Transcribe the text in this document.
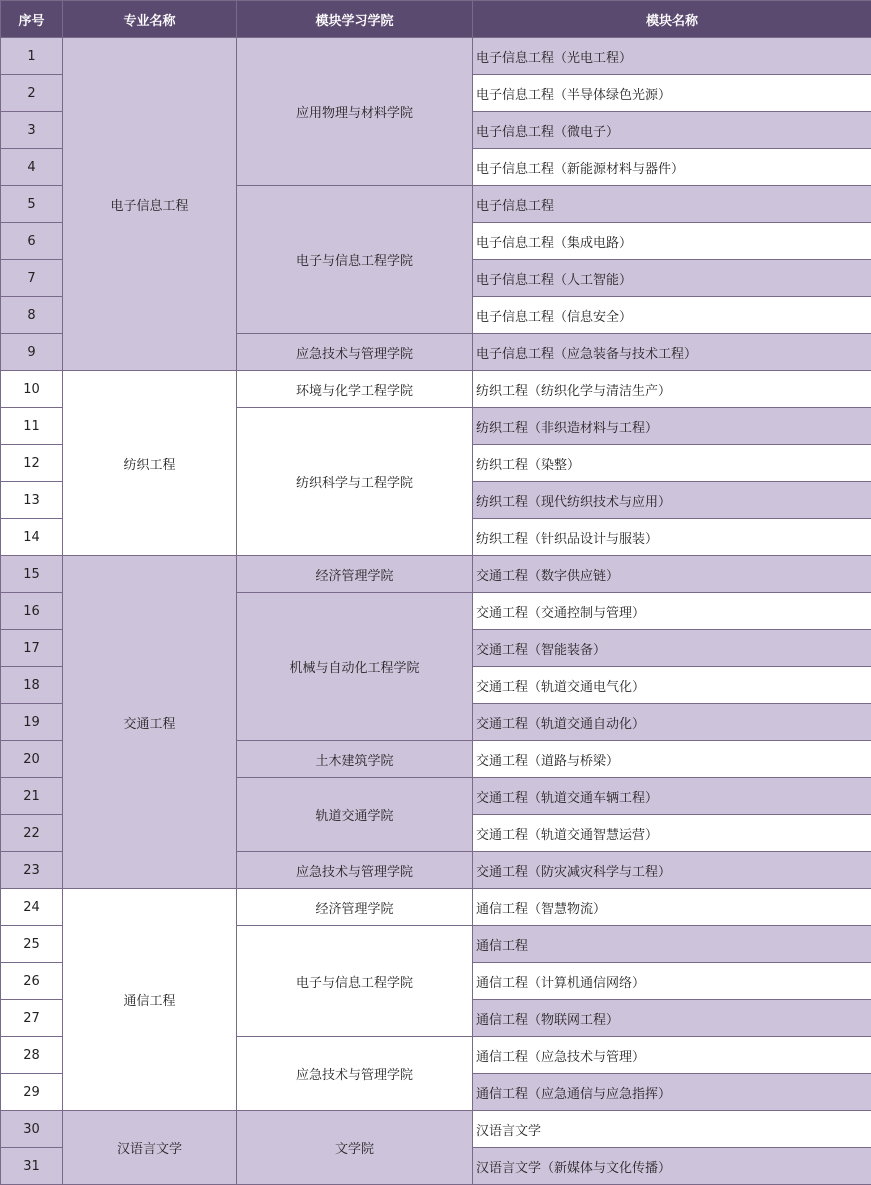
序号	专业名称	模块学习学院	模块名称
1	电子信息工程	应用物理与材料学院	电子信息工程（光电工程）
2			电子信息工程（半导体绿色光源）
3			电子信息工程（微电子）
4			电子信息工程（新能源材料与器件）
5		电子与信息工程学院	电子信息工程
6			电子信息工程（集成电路）
7			电子信息工程（人工智能）
8			电子信息工程（信息安全）
9		应急技术与管理学院	电子信息工程（应急装备与技术工程）
10	纺织工程	环境与化学工程学院	纺织工程（纺织化学与清洁生产）
11		纺织科学与工程学院	纺织工程（非织造材料与工程）
12			纺织工程（染整）
13			纺织工程（现代纺织技术与应用）
14			纺织工程（针织品设计与服装）
15	交通工程	经济管理学院	交通工程（数字供应链）
16		机械与自动化工程学院	交通工程（交通控制与管理）
17			交通工程（智能装备）
18			交通工程（轨道交通电气化）
19			交通工程（轨道交通自动化）
20		土木建筑学院	交通工程（道路与桥梁）
21		轨道交通学院	交通工程（轨道交通车辆工程）
22			交通工程（轨道交通智慧运营）
23		应急技术与管理学院	交通工程（防灾减灾科学与工程）
24	通信工程	经济管理学院	通信工程（智慧物流）
25		电子与信息工程学院	通信工程
26			通信工程（计算机通信网络）
27			通信工程（物联网工程）
28		应急技术与管理学院	通信工程（应急技术与管理）
29			通信工程（应急通信与应急指挥）
30	汉语言文学	文学院	汉语言文学
31			汉语言文学（新媒体与文化传播）
